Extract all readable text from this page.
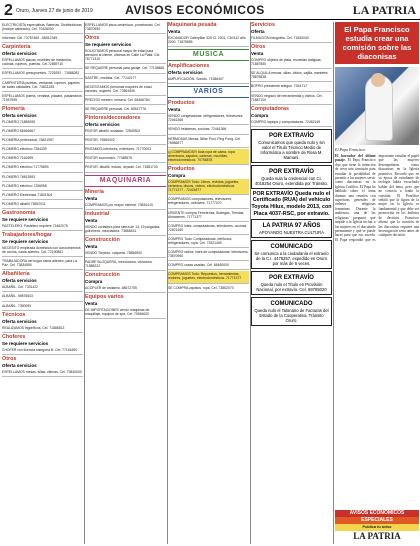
2 Oruro, Jueves 27 de junio de 2019	AVISOS ECONÓMICOS	LA PATRIA
ELECTRICISTA especialista, Baterías, Distribuidoras (Incluye cableado). Cel. 70428000
Informes: Cel. 73757460 - 65512345
Carpintería
Oferta servicios
ESPELLAMOS placas, muebles de melamina, cocinas, roperos, puertas. Cel.72869710
ESPELLAMOS presupuestos. 7225292 - 71888282
CARPINTERÍA puertas, ventanas, roperos, papeles de todas calidades. Cel. 73831283
ESPELLAMOS puerta, ventana, placard, pasamanos. 71947995
Plomería
Oferta servicios
PLOMERO 71888095
PLOMERO 65466567
PLOMERÍA profesional. 76821957
PLOMERO eléctrico 7284339
PLOMERO 7162699
PLOMERO eléctrico 71775893
PLOMERO 76813993
PLOMERO eléctrico 7256998
PLOMERO Electricista 71801504
PLOMERO albañil 73852011
Gastronomía
Se requiere servicios
PASTELERO. Pastelero requiere 72462075
Trabajadores/hogar
Se requiere servicios
NECESITO empleada doméstica con conocimientos de cocina, cama adentro. Cel. 72190881
TRABAJADORA del hogar cama adentro, para La Paz. Cel. 73834550
Albañilería
Oferta servicios
ALBAÑIL. Cel. 7331422
ALBAÑIL. 69876543
ALBAÑIL. 7350090
Técnicos
Oferta servicios
REALIZAMOS frigoríficos. Cel. 71886513
Choferes
Se requiere servicios
CHOFER con licencia categoría B. Cel. 77161690
Otros
Oferta servicios
ESPELLAMOS mesas, sillas, vitrinas. Cel. 73840000
ESPELLAMOS pisos cerámicos, porcelanato. Cel. 73870950
Otros
Se requiere servicios
SOLICITAMOS personal mayor de edad para atención al cliente, oficinas en Calle La Plata. Cel. 76771310
SE REQUIERE personal para garaje. Cel. 77138865
SASTRE, modista. Cel. 77142177
NECESITAMOS personas mayores de edad, varones, mujeres. Cel. 72861506
PRECISO mesero, mesera. Cel. 68466784
SE REQUIERE personal. Cel. 65517776
Pintores/decoradores
Oferta servicios
PINTOR albañil, soldador. 72849302
PINTOR. 76560402
PINTAMOS interiores, exteriores. 71770003
PINTOR económico. 77485575
PINTOR, albañil, estuco, drywall. Cel. 71881733
MAQUINARIA
Minería
Venta
COMPRAMOS por mayor mineral. 73834410
Industrial
Venta
VENDO cortadora para sierra de 13, 19 pulgadas, guinchera, mezcladora. 73868431
Construcción
Venta
VENDO Torpedo, volqueta. 75856500
PADRE BLOQUERA, mezcladora, vibradora. 71888222
Construcción
Compra
ACOPLER de andamio. 68672755
Equipos varios
Venta
DE IMPORTACIONES vendo máquinas de maquillaje, equipos de spa. Cel. 70546000
Maquinaria pesada
Venta
EXCAVADOR Caterpillar 325 CL 2001, CM 512 año 2000. 71878555
MÚSICA
Amplificaciones
Oferta servicios
AMPLIFICACIÓN. Sonido. 71386407
VARIOS
Productos
Venta
VENDO congeladoras, refrigeradores, televisores. 72461366
VENDO heladeras, cocinas. 72461366
HERMOSAS Mesas, Billar Pool, Ping Pong. Cel. 76966677
¡¡¡COMPRAMOS!!! toda ropa de cama, ropa americana, zapatos, carteras, mochilas, electrodomésticos. 70758878
Productos
Compra
COMPRAMOS Todo: Libros, revistas, juguetes, cerámica, discos, videos, electrodomésticos. 71771377 - 72424877
COMPRAMOS computadoras, televisores, refrigeradores, celulares. 71777070
URGENTE compra Ferreterías, Bodegas, Tiendas, Almacenes. 71771377
COMPRO lotes: computadoras, televisores, cocinas. 72521460
COMPRO Todo: Computadoras, teléfonos, refrigeradores, ropa. Cel. 72521460
COMPRO radios, lotes de computadoras, televisores. 73870960
COMPRO cosas usadas. Cel. 65480000
COMPRAMOS Todo: Repuestos, herramientas, motores, juguetes, electrodomésticos. 71771377
SE COMPRA zapatos, ropa. Cel. 73862070
Servicios
Oferta
FILMACIÓN fotografía. Cel. 71830040
Otros
Venta
COMPRO objetos de plata, monedas antiguas. 71887850
SE ALQUILA mesas, sillas, toldos, vajilla, manteles. 78878838
BOFRO presidente antiguo. 7254717
VENDO negocio de herramientas y vidrios. Cel. 71887100
Computadoras
Compra
COMPRO laptops y computadoras. 72462149
POR EXTRAVÍO
Comunicamos que queda nulo y sin valor el Título Técnico Medio de Informática a nombre de Rosa M. Mamani.
POR EXTRAVÍO
Queda nula la credencial con CI. 4018254 Oruro, extendida por Tránsito.
POR EXTRAVÍO Queda nulo el Certificado (RUA) del vehículo Toyota Hilux, modelo 2013, con Placa 4037-RSC, por extravío.
LA PATRIA 97 AÑOS
APOYANDO NUESTRA CULTURA
COMUNICADO
Se comunica a la ciudadanía el extravío de la C.I. 4476257, expedido en Oruro por más de 6 veces.
POR EXTRAVÍO
Queda nulo el Título en Provisión Nacional, por extravío. Cel. 69765020
COMUNICADO
Queda nulo el Talonario de Facturas del Estado de la Cooperativa. Tránsito Oruro.
El Papa Francisco estudia crear una comisión sobre las diaconisas
El Papa Francisco
El borrador del último pasaje. El Papa Francisco dijo que tiene la intención de crear una comisión para estudiar la posibilidad de permitir a las mujeres servir como diaconisas en la Iglesia Católica. El Papa ha hablado sobre el tema durante una reunión con superioras generales de órdenes religiosas femeninas. Durante la audiencia, una de las religiosas preguntó qué impide a la Iglesia incluir a las mujeres en el diaconado permanente y qué se puede hacer para que eso suceda. El Papa respondió que es importante estudiar el papel que las mujeres desempeñaron como diaconisas en la Iglesia primitiva. Recordó que en su época de estudiante de teología había escuchado hablar del tema, pero que no conocía a fondo la cuestión. El Pontífice señaló que la figura de la mujer en la Iglesia es fundamental y que debe ser promovida en los ámbitos de decisión. Francisco afirmó que la cuestión de las diaconisas requiere una investigación seria antes de cualquier decisión.
AVISOS ECONÓMICOS
ESPECIALES
Publica tu aviso
LA PATRIA
